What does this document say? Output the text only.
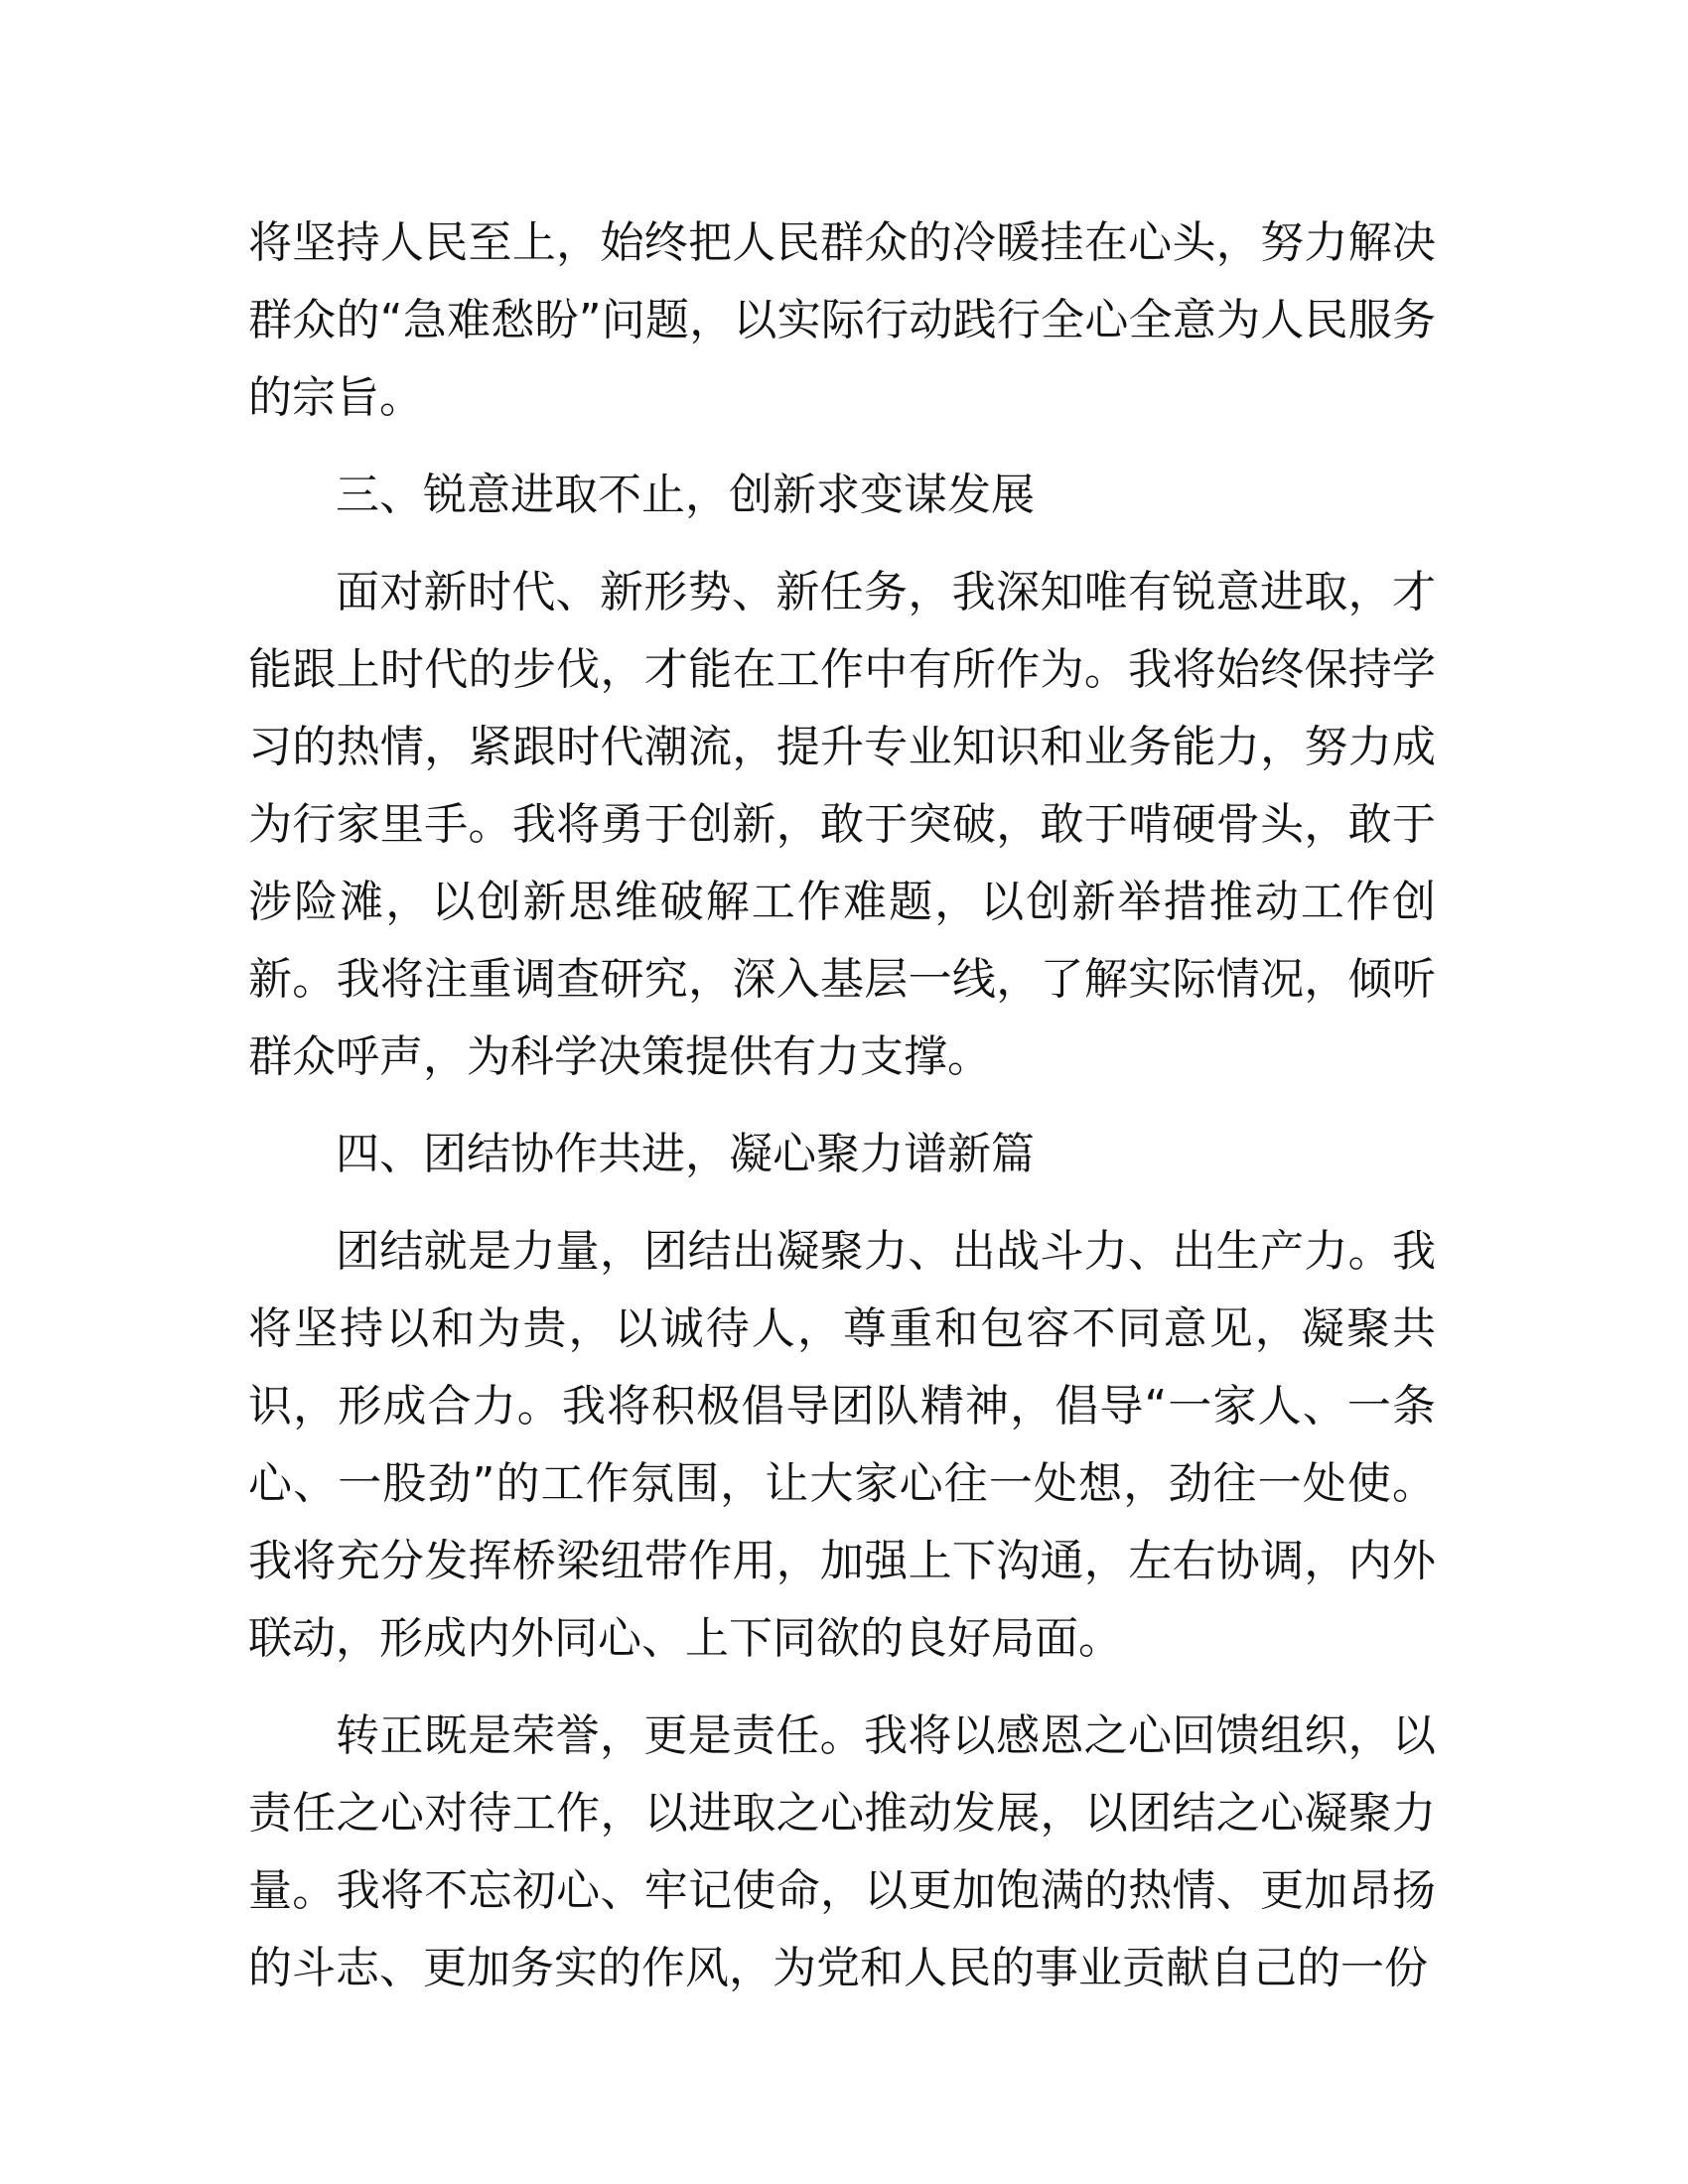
将坚持人民至上，始终把人民群众的冷暖挂在心头，努力解决群众的“急难愁盼”问题，以实际行动践行全心全意为人民服务的宗旨。

三、锐意进取不止，创新求变谋发展

面对新时代、新形势、新任务，我深知唯有锐意进取，才能跟上时代的步伐，才能在工作中有所作为。我将始终保持学习的热情，紧跟时代潮流，提升专业知识和业务能力，努力成为行家里手。我将勇于创新，敢于突破，敢于啃硬骨头，敢于涉险滩，以创新思维破解工作难题，以创新举措推动工作创新。我将注重调查研究，深入基层一线，了解实际情况，倾听群众呼声，为科学决策提供有力支撑。

四、团结协作共进，凝心聚力谱新篇

团结就是力量，团结出凝聚力、出战斗力、出生产力。我将坚持以和为贵，以诚待人，尊重和包容不同意见，凝聚共识，形成合力。我将积极倡导团队精神，倡导“一家人、一条心、一股劲”的工作氛围，让大家心往一处想，劲往一处使。我将充分发挥桥梁纽带作用，加强上下沟通，左右协调，内外联动，形成内外同心、上下同欲的良好局面。

转正既是荣誉，更是责任。我将以感恩之心回馈组织，以责任之心对待工作，以进取之心推动发展，以团结之心凝聚力量。我将不忘初心、牢记使命，以更加饱满的热情、更加昂扬的斗志、更加务实的作风，为党和人民的事业贡献自己的一份
